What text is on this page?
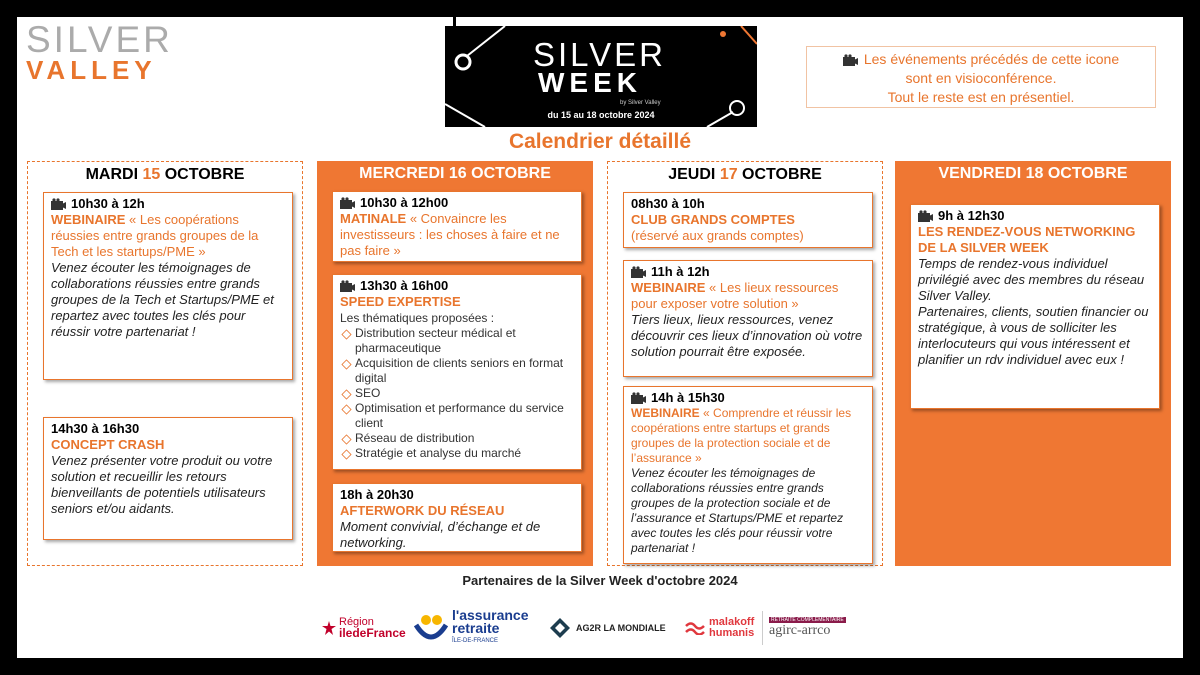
SILVER
VALLEY	SILVER
WEEK
by Silver Valley
du 15 au 18 octobre 2024
Les événements précédés de cette icone
sont en visioconférence.
Tout le reste est en présentiel.
Calendrier détaillé
MARDI 15 OCTOBRE
10h30 à 12h

WEBINAIRE « Les coopérations réussies entre grands groupes de la Tech et les startups/PME »

Venez écouter les témoignages de collaborations réussies entre grands groupes de la Tech et Startups/PME et repartez avec toutes les clés pour réussir votre partenariat !

14h30 à 16h30

CONCEPT CRASH

Venez présenter votre produit ou votre solution et recueillir les retours bienveillants de potentiels utilisateurs seniors et/ou aidants.

MERCREDI 16 OCTOBRE
10h30 à 12h00

MATINALE « Convaincre les investisseurs : les choses à faire et ne pas faire »

13h30 à 16h00

SPEED EXPERTISE

Les thématiques proposées :

Distribution secteur médical et pharmaceutique
Acquisition de clients seniors en format digital
SEO
Optimisation et performance du service client
Réseau de distribution
Stratégie et analyse du marché
18h à 20h30

AFTERWORK DU RÉSEAU

Moment convivial, d’échange et de networking.

JEUDI 17 OCTOBRE
08h30 à 10h

CLUB GRANDS COMPTES

(réservé aux grands comptes)

11h à 12h

WEBINAIRE « Les lieux ressources pour exposer votre solution »

Tiers lieux, lieux ressources, venez découvrir ces lieux d’innovation où votre solution pourrait être exposée.

14h à 15h30

WEBINAIRE « Comprendre et réussir les coopérations entre startups et grands groupes de la protection sociale et de l’assurance »

Venez écouter les témoignages de collaborations réussies entre grands groupes de la protection sociale et de l’assurance et Startups/PME et repartez avec toutes les clés pour réussir votre partenariat !

VENDREDI 18 OCTOBRE
9h à 12h30

LES RENDEZ-VOUS NETWORKING DE LA SILVER WEEK

Temps de rendez-vous individuel privilégié avec des membres du réseau Silver Valley.

Partenaires, clients, soutien financier ou stratégique, à vous de solliciter les interlocuteurs qui vous intéressent et planifier un rdv individuel avec eux !

Partenaires de la Silver Week d'octobre 2024
Région
iledeFrance
l'assurance
retraite
ÎLE-DE-FRANCE
AG2R LA MONDIALE	malakoff
humanis
RETRAITE COMPLÉMENTAIRE
agirc-arrco
